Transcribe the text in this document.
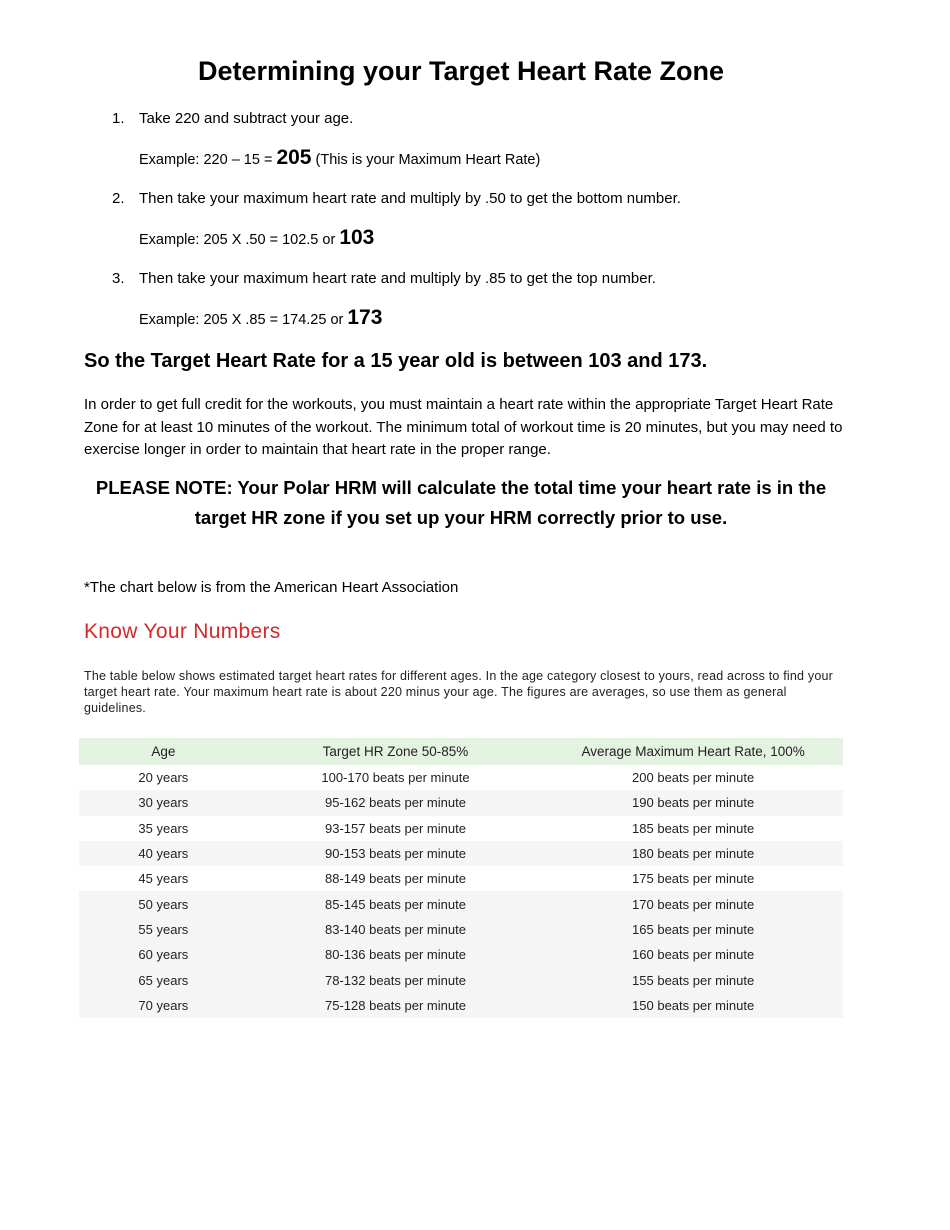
Determining your Target Heart Rate Zone

1. Take 220 and subtract your age.

Example: 220 – 15 = 205 (This is your Maximum Heart Rate)

2. Then take your maximum heart rate and multiply by .50 to get the bottom number.

Example: 205 X .50 = 102.5 or 103

3. Then take your maximum heart rate and multiply by .85 to get the top number.

Example: 205 X .85 = 174.25 or 173

So the Target Heart Rate for a 15 year old is between 103 and 173.

In order to get full credit for the workouts, you must maintain a heart rate within the appropriate Target Heart Rate Zone for at least 10 minutes of the workout. The minimum total of workout time is 20 minutes, but you may need to exercise longer in order to maintain that heart rate in the proper range.

PLEASE NOTE: Your Polar HRM will calculate the total time your heart rate is in the target HR zone if you set up your HRM correctly prior to use.

*The chart below is from the American Heart Association

Know Your Numbers

The table below shows estimated target heart rates for different ages. In the age category closest to yours, read across to find your target heart rate. Your maximum heart rate is about 220 minus your age. The figures are averages, so use them as general guidelines.

Age	Target HR Zone 50-85%	Average Maximum Heart Rate, 100%
20 years	100-170 beats per minute	200 beats per minute
30 years	95-162 beats per minute	190 beats per minute
35 years	93-157 beats per minute	185 beats per minute
40 years	90-153 beats per minute	180 beats per minute
45 years	88-149 beats per minute	175 beats per minute
50 years	85-145 beats per minute	170 beats per minute
55 years	83-140 beats per minute	165 beats per minute
60 years	80-136 beats per minute	160 beats per minute
65 years	78-132 beats per minute	155 beats per minute
70 years	75-128 beats per minute	150 beats per minute
